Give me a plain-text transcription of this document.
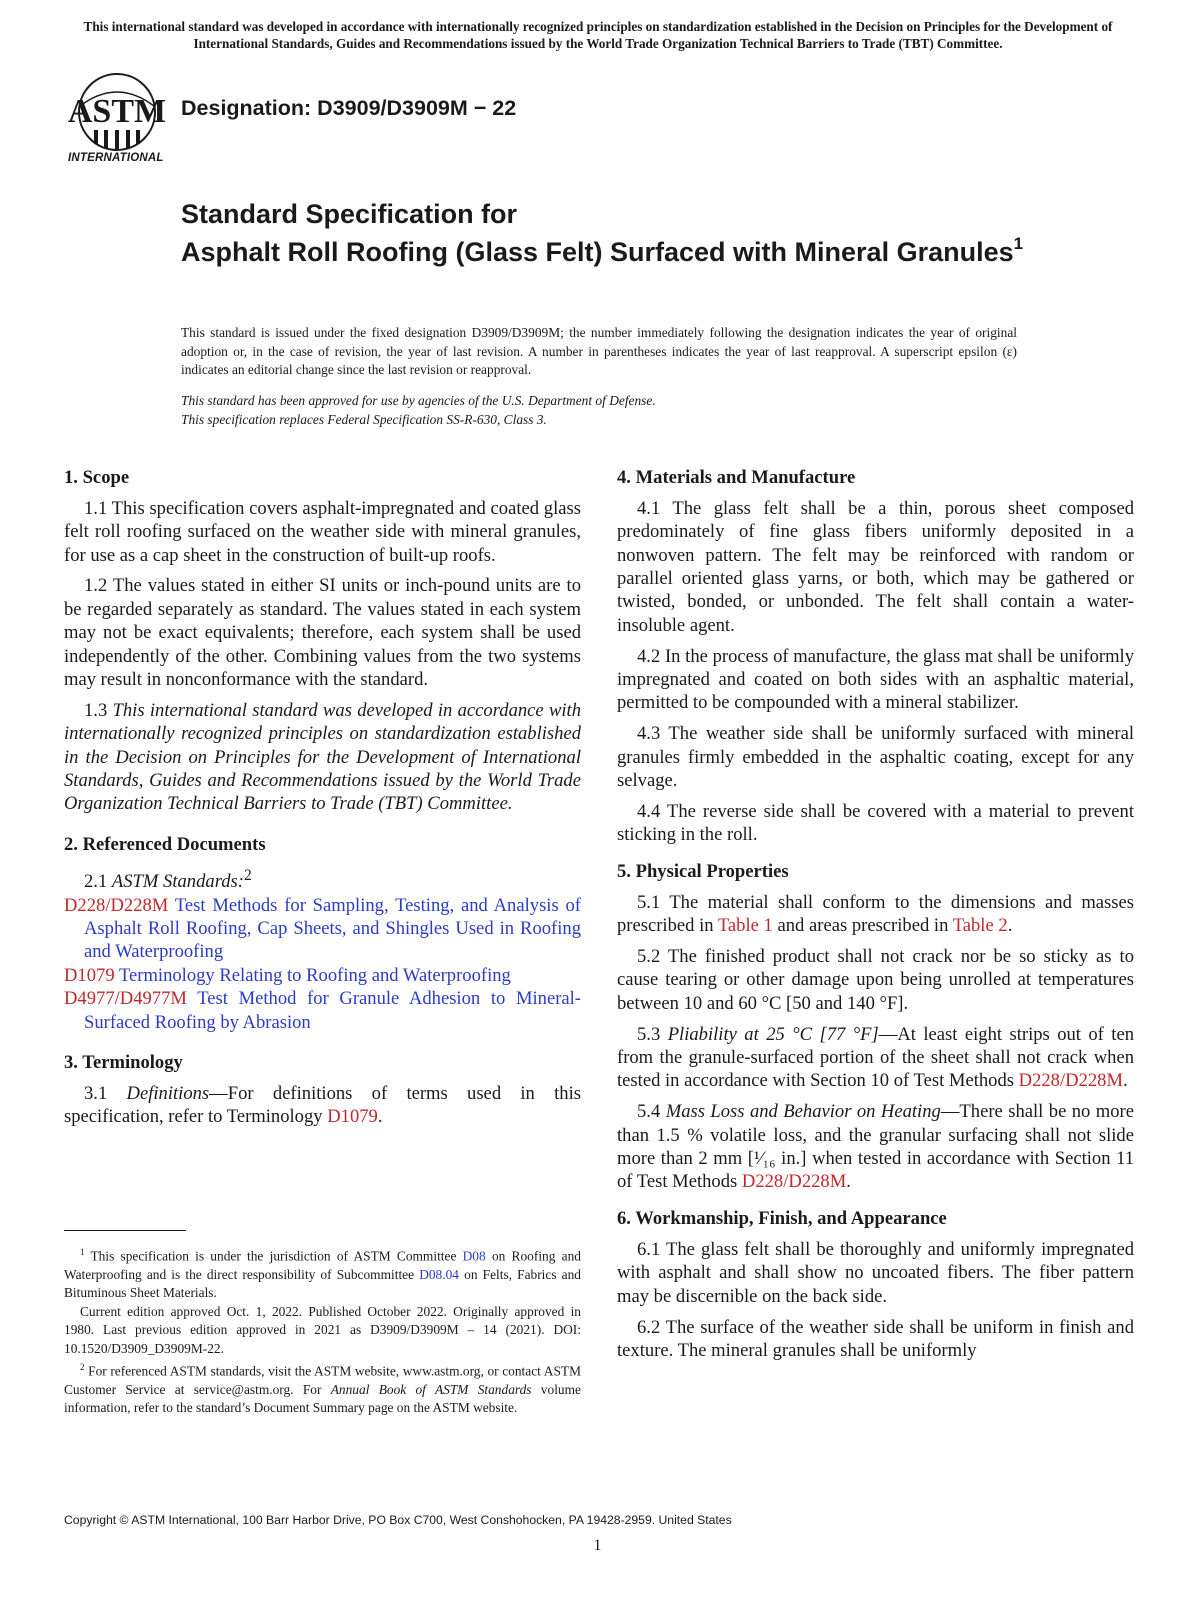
This international standard was developed in accordance with internationally recognized principles on standardization established in the Decision on Principles for the Development of International Standards, Guides and Recommendations issued by the World Trade Organization Technical Barriers to Trade (TBT) Committee.
ASTM
INTERNATIONAL
Designation: D3909/D3909M − 22
Standard Specification for
Asphalt Roll Roofing (Glass Felt) Surfaced with Mineral Granules$^1$
This standard is issued under the fixed designation D3909/D3909M; the number immediately following the designation indicates the year of original adoption or, in the case of revision, the year of last revision. A number in parentheses indicates the year of last reapproval. A superscript epsilon (ε) indicates an editorial change since the last revision or reapproval.
This standard has been approved for use by agencies of the U.S. Department of Defense.
This specification replaces Federal Specification SS-R-630, Class 3.
1. Scope

1.1 This specification covers asphalt-impregnated and coated glass felt roll roofing surfaced on the weather side with mineral granules, for use as a cap sheet in the construction of built-up roofs.

1.2 The values stated in either SI units or inch-pound units are to be regarded separately as standard. The values stated in each system may not be exact equivalents; therefore, each system shall be used independently of the other. Combining values from the two systems may result in nonconformance with the standard.

1.3 This international standard was developed in accordance with internationally recognized principles on standardization established in the Decision on Principles for the Development of International Standards, Guides and Recommendations issued by the World Trade Organization Technical Barriers to Trade (TBT) Committee.

2. Referenced Documents
2.1 ASTM Standards:$^2$
D228/D228M Test Methods for Sampling, Testing, and Analysis of Asphalt Roll Roofing, Cap Sheets, and Shingles Used in Roofing and Waterproofing
D1079 Terminology Relating to Roofing and Waterproofing
D4977/D4977M Test Method for Granule Adhesion to Mineral-Surfaced Roofing by Abrasion
3. Terminology

3.1 Definitions—For definitions of terms used in this specification, refer to Terminology D1079.

4. Materials and Manufacture

4.1 The glass felt shall be a thin, porous sheet composed predominately of fine glass fibers uniformly deposited in a nonwoven pattern. The felt may be reinforced with random or parallel oriented glass yarns, or both, which may be gathered or twisted, bonded, or unbonded. The felt shall contain a water-insoluble agent.

4.2 In the process of manufacture, the glass mat shall be uniformly impregnated and coated on both sides with an asphaltic material, permitted to be compounded with a mineral stabilizer.

4.3 The weather side shall be uniformly surfaced with mineral granules firmly embedded in the asphaltic coating, except for any selvage.

4.4 The reverse side shall be covered with a material to prevent sticking in the roll.

5. Physical Properties

5.1 The material shall conform to the dimensions and masses prescribed in Table 1 and areas prescribed in Table 2.

5.2 The finished product shall not crack nor be so sticky as to cause tearing or other damage upon being unrolled at temperatures between 10 and 60 °C [50 and 140 °F].

5.3 Pliability at 25 °C [77 °F]—At least eight strips out of ten from the granule-surfaced portion of the sheet shall not crack when tested in accordance with Section 10 of Test Methods D228/D228M.

5.4 Mass Loss and Behavior on Heating—There shall be no more than 1.5 % volatile loss, and the granular surfacing shall not slide more than 2 mm [¹⁄₁₆ in.] when tested in accordance with Section 11 of Test Methods D228/D228M.

6. Workmanship, Finish, and Appearance

6.1 The glass felt shall be thoroughly and uniformly impregnated with asphalt and shall show no uncoated fibers. The fiber pattern may be discernible on the back side.

6.2 The surface of the weather side shall be uniform in finish and texture. The mineral granules shall be uniformly

$^1$ This specification is under the jurisdiction of ASTM Committee D08 on Roofing and Waterproofing and is the direct responsibility of Subcommittee D08.04 on Felts, Fabrics and Bituminous Sheet Materials.

Current edition approved Oct. 1, 2022. Published October 2022. Originally approved in 1980. Last previous edition approved in 2021 as D3909/D3909M – 14 (2021). DOI: 10.1520/D3909_D3909M-22.

$^2$ For referenced ASTM standards, visit the ASTM website, www.astm.org, or contact ASTM Customer Service at service@astm.org. For Annual Book of ASTM Standards volume information, refer to the standard’s Document Summary page on the ASTM website.

Copyright © ASTM International, 100 Barr Harbor Drive, PO Box C700, West Conshohocken, PA 19428-2959. United States
1
